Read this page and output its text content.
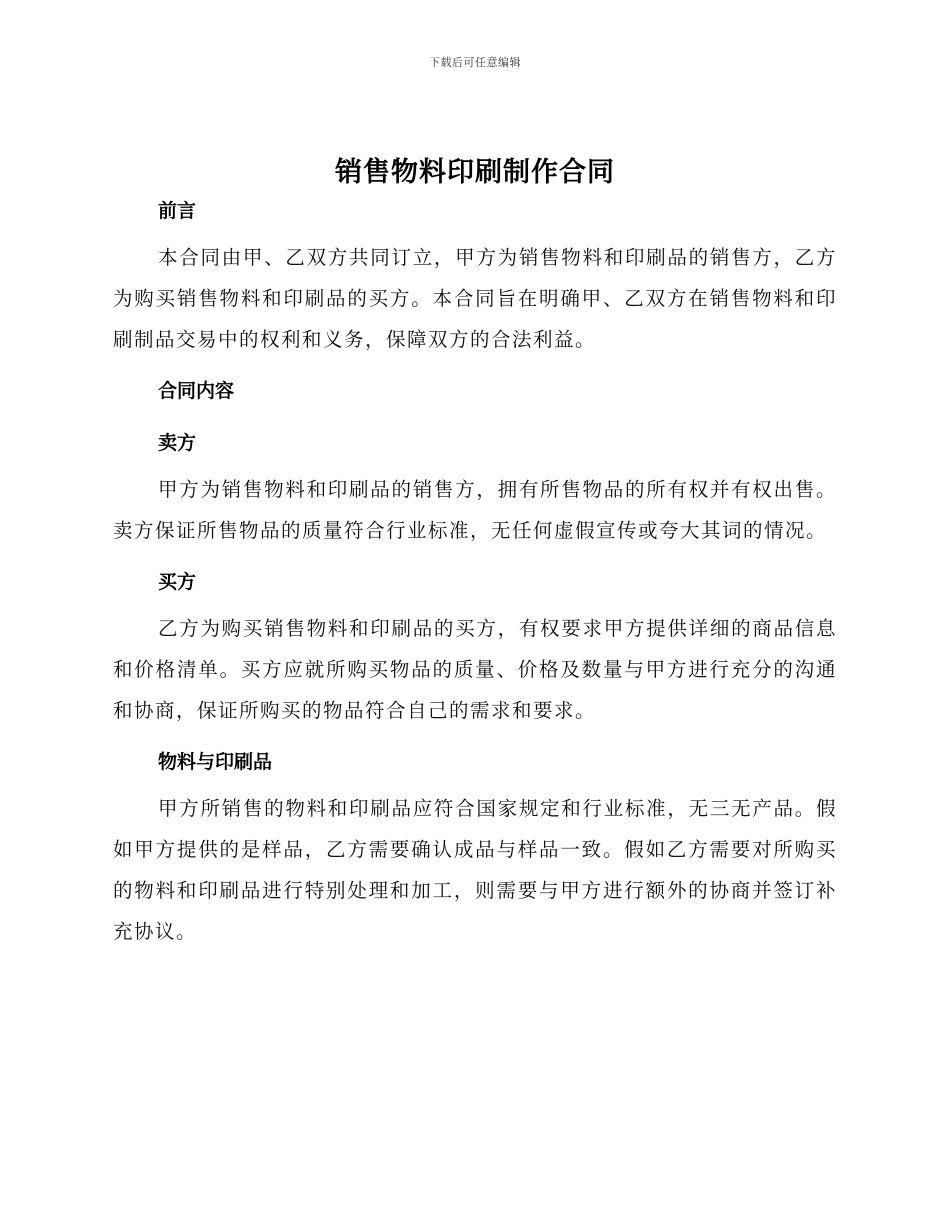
下载后可任意编辑
销售物料印刷制作合同
前言

本合同由甲、乙双方共同订立，甲方为销售物料和印刷品的销售方，乙方为购买销售物料和印刷品的买方。本合同旨在明确甲、乙双方在销售物料和印刷制品交易中的权利和义务，保障双方的合法利益。

合同内容
卖方

甲方为销售物料和印刷品的销售方，拥有所售物品的所有权并有权出售。卖方保证所售物品的质量符合行业标准，无任何虚假宣传或夸大其词的情况。

买方

乙方为购买销售物料和印刷品的买方，有权要求甲方提供详细的商品信息和价格清单。买方应就所购买物品的质量、价格及数量与甲方进行充分的沟通和协商，保证所购买的物品符合自己的需求和要求。

物料与印刷品

甲方所销售的物料和印刷品应符合国家规定和行业标准，无三无产品。假如甲方提供的是样品，乙方需要确认成品与样品一致。假如乙方需要对所购买的物料和印刷品进行特别处理和加工，则需要与甲方进行额外的协商并签订补充协议。
